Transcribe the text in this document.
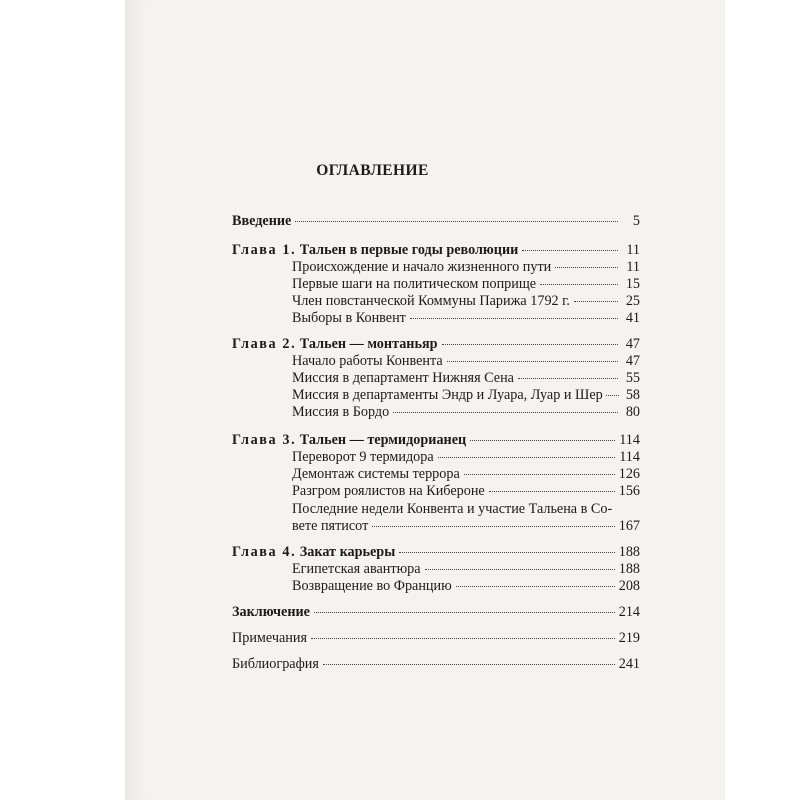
ОГЛАВЛЕНИЕ
Введение	5
Глава 1. Тальен в первые годы революции	11
Происхождение и начало жизненного пути	11
Первые шаги на политическом поприще	15
Член повстанческой Коммуны Парижа 1792 г.	25
Выборы в Конвент	41
Глава 2. Тальен — монтаньяр	47
Начало работы Конвента	47
Миссия в департамент Нижняя Сена	55
Миссия в департаменты Эндр и Луара, Луар и Шер 58
Миссия в Бордо	80
Глава 3. Тальен — термидорианец	114
Переворот 9 термидора	114
Демонтаж системы террора	126
Разгром роялистов на Кибероне	156
Последние недели Конвента и участие Тальена в Со-
вете пятисот	167
Глава 4. Закат карьеры	188
Египетская авантюра	188
Возвращение во Францию	208
Заключение	214
Примечания	219
Библиография	241
